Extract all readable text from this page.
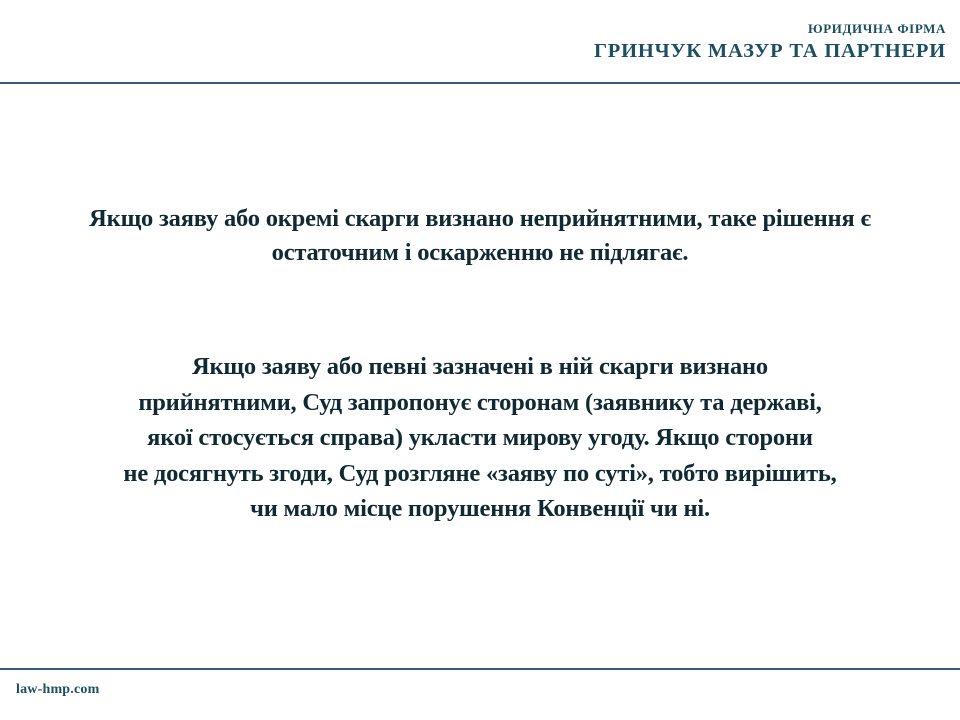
ЮРИДИЧНА ФІРМА
ГРИНЧУК МАЗУР ТА ПАРТНЕРИ
Якщо заяву або окремі скарги визнано неприйнятними, таке рішення є остаточним і оскарженню не підлягає.
Якщо заяву або певні зазначені в ній скарги визнано
прийнятними, Суд запропонує сторонам (заявнику та державі,
якої стосується справа) укласти мирову угоду. Якщо сторони
не досягнуть згоди, Суд розгляне «заяву по суті», тобто вирішить,
чи мало місце порушення Конвенції чи ні.
law-hmp.com
